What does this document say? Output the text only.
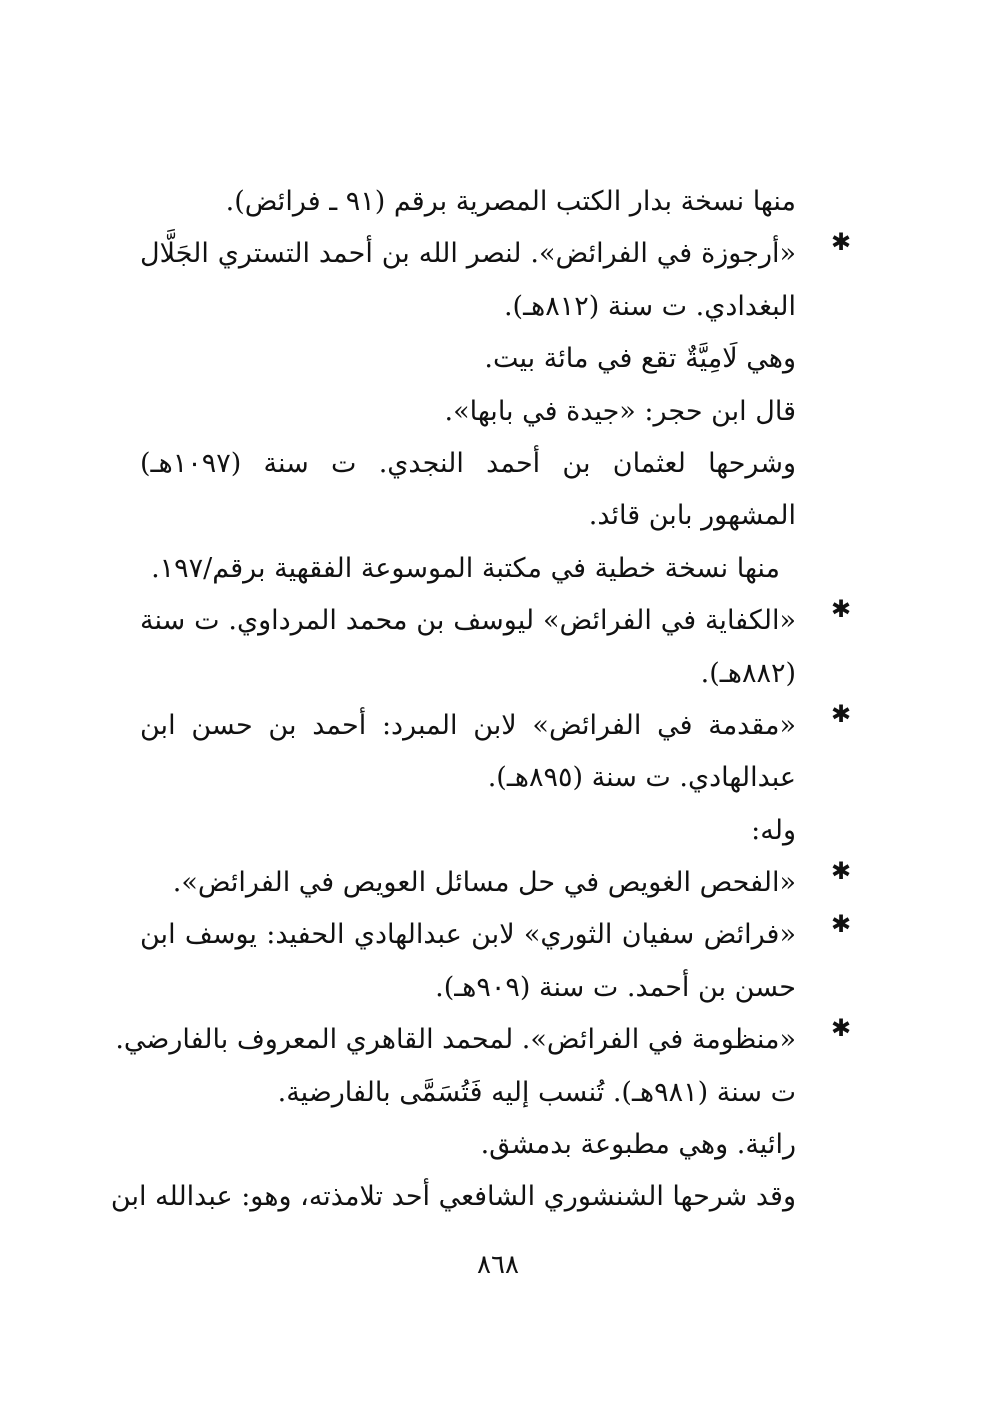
منها نسخة بدار الكتب المصرية برقم (٩١ ـ فرائض).
✱
«أرجوزة في الفرائض». لنصر الله بن أحمد التستري الجَلَّال
البغدادي. ت سنة (٨١٢هـ).
وهي لَامِيَّةٌ تقع في مائة بيت.
قال ابن حجر: «جيدة في بابها».
وشرحها لعثمان بن أحمد النجدي. ت سنة (١٠٩٧هـ)
المشهور بابن قائد.
منها نسخة خطية في مكتبة الموسوعة الفقهية برقم/١٩٧.
✱
«الكفاية في الفرائض» ليوسف بن محمد المرداوي. ت سنة
(٨٨٢هـ).
✱
«مقدمة في الفرائض» لابن المبرد: أحمد بن حسن ابن
عبدالهادي. ت سنة (٨٩٥هـ).
وله:
✱
«الفحص الغويص في حل مسائل العويص في الفرائض».
✱
«فرائض سفيان الثوري» لابن عبدالهادي الحفيد: يوسف ابن
حسن بن أحمد. ت سنة (٩٠٩هـ).
✱
«منظومة في الفرائض». لمحمد القاهري المعروف بالفارضي.
ت سنة (٩٨١هـ). تُنسب إليه فَتُسَمَّى بالفارضية.
رائية. وهي مطبوعة بدمشق.
وقد شرحها الشنشوري الشافعي أحد تلامذته، وهو: عبدالله ابن
٨٦٨
